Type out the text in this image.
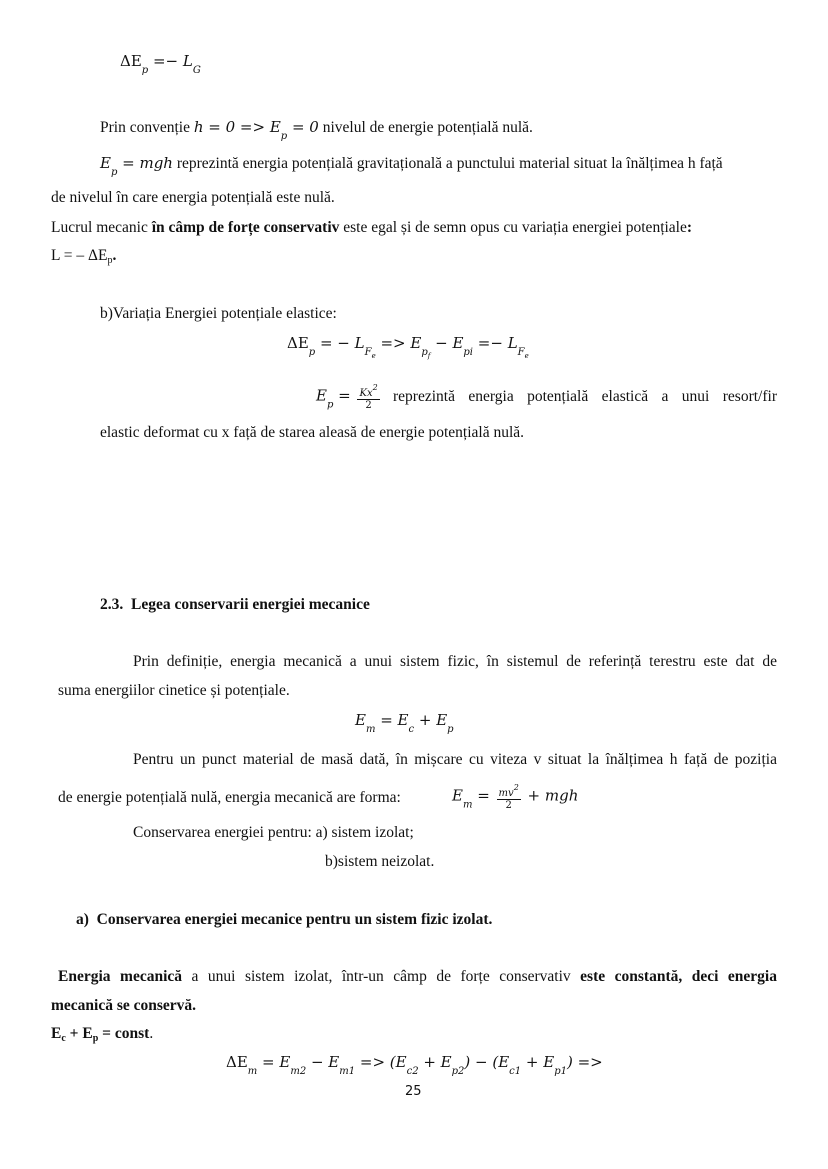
$\Delta E_p =- L_G$
Prin convenție $h = 0 => E_p = 0$ nivelul de energie potențială nulă.
$E_p$ = mgh reprezintă energia potențială gravitațională a punctului material situat la înălțimea h față
de nivelul în care energia potențială este nulă.
Lucrul mecanic în câmp de forțe conservativ este egal și de semn opus cu variația energiei potențiale:
L = – $\Delta E_p$.
b)Variația Energiei potențiale elastice:
$\Delta E_p$ = − $L_{F_e} => E_{p_f} - E_{pi} =- L_{F_e}$
$E_p = \frac{Kx^2}{2}$ reprezintă energia potențială elastică a unui resort/fir
elastic deformat cu x față de starea aleasă de energie potențială nulă.
2.3. Legea conservarii energiei mecanice
Prin definiție, energia mecanică a unui sistem fizic, în sistemul de referință terestru este dat de
suma energiilor cinetice și potențiale.
$E_m = E_c + E_p$
Pentru un punct material de masă dată, în mișcare cu viteza v situat la înălțimea h față de poziția
de energie potențială nulă, energia mecanică are forma:	$E_m = \frac{mv^2}{2}$ + mgh
Conservarea energiei pentru: a) sistem izolat;
b)sistem neizolat.
a) Conservarea energiei mecanice pentru un sistem fizic izolat.
Energia mecanică a unui sistem izolat, într-un câmp de forțe conservativ este constantă, deci energia
mecanică se conservă.
$E_c + E_p$ = const.
$\Delta E_m = E_{m2} - E_{m1} => (E_{c2} + E_{p2}) - (E_{c1} + E_{p1})$ =>
25
